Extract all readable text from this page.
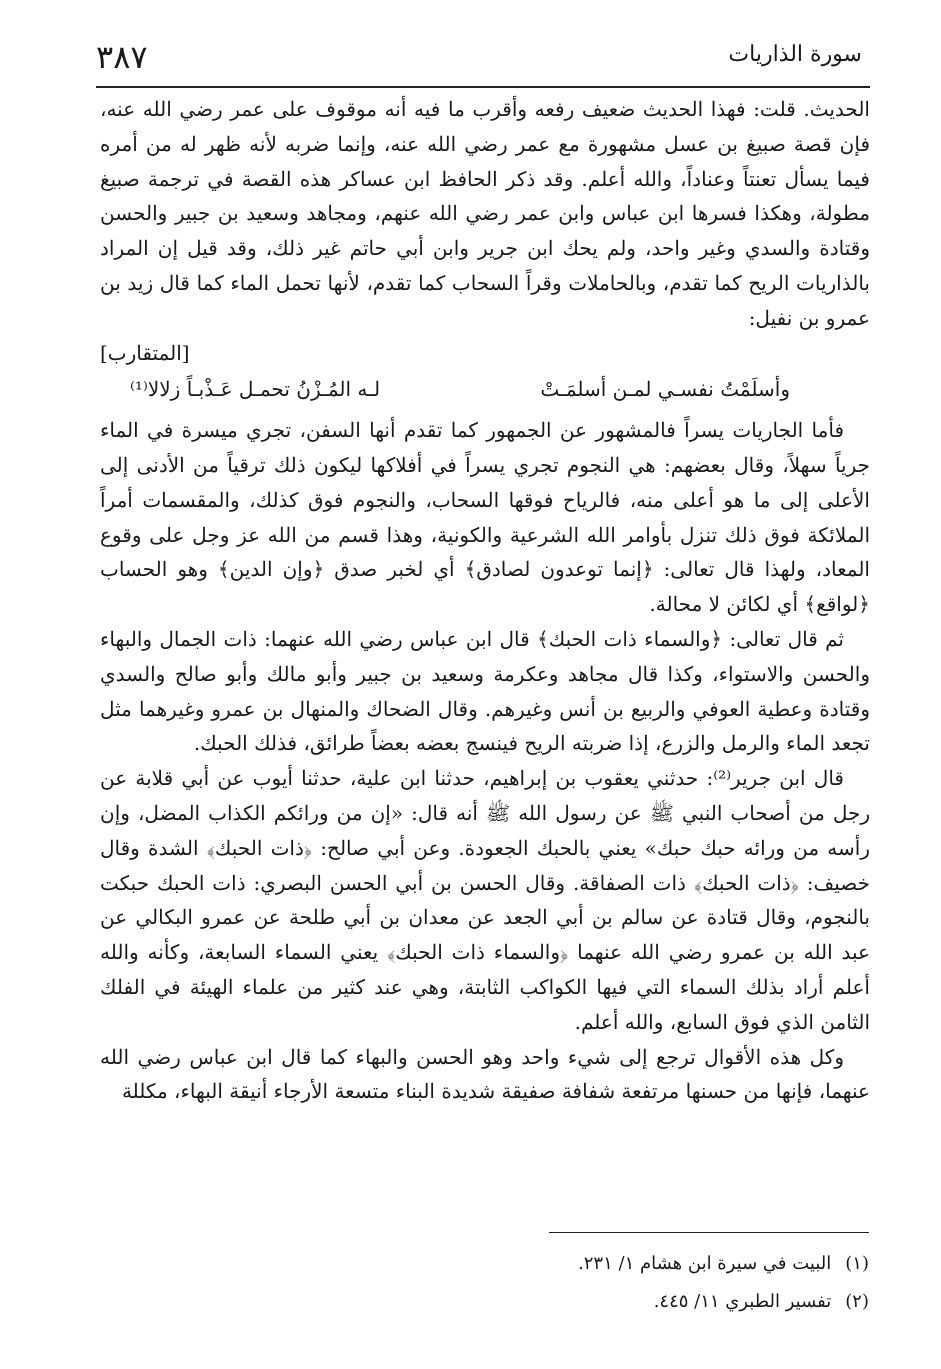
سورة الذاريات
٣٨٧

الحديث. قلت: فهذا الحديث ضعيف رفعه وأقرب ما فيه أنه موقوف على عمر رضي الله عنه، فإن قصة صبيغ بن عسل مشهورة مع عمر رضي الله عنه، وإنما ضربه لأنه ظهر له من أمره فيما يسأل تعنتاً وعناداً، والله أعلم. وقد ذكر الحافظ ابن عساكر هذه القصة في ترجمة صبيغ مطولة، وهكذا فسرها ابن عباس وابن عمر رضي الله عنهم، ومجاهد وسعيد بن جبير والحسن وقتادة والسدي وغير واحد، ولم يحك ابن جرير وابن أبي حاتم غير ذلك، وقد قيل إن المراد بالذاريات الريح كما تقدم، وبالحاملات وقراً السحاب كما تقدم، لأنها تحمل الماء كما قال زيد بن عمرو بن نفيل:

[المتقارب]
وأسلَمْتُ نفسـي لمـن أسلمَـتْ
لـه المُـزْنُ تحمـل عَـذْبـاً زلالا⁽¹⁾

فأما الجاريات يسراً فالمشهور عن الجمهور كما تقدم أنها السفن، تجري ميسرة في الماء جرياً سهلاً، وقال بعضهم: هي النجوم تجري يسراً في أفلاكها ليكون ذلك ترقياً من الأدنى إلى الأعلى إلى ما هو أعلى منه، فالرياح فوقها السحاب، والنجوم فوق كذلك، والمقسمات أمراً الملائكة فوق ذلك تنزل بأوامر الله الشرعية والكونية، وهذا قسم من الله عز وجل على وقوع المعاد، ولهذا قال تعالى: ﴿إنما توعدون لصادق﴾ أي لخبر صدق ﴿وإن الدين﴾ وهو الحساب ﴿لواقع﴾ أي لكائن لا محالة.

ثم قال تعالى: ﴿والسماء ذات الحبك﴾ قال ابن عباس رضي الله عنهما: ذات الجمال والبهاء والحسن والاستواء، وكذا قال مجاهد وعكرمة وسعيد بن جبير وأبو مالك وأبو صالح والسدي وقتادة وعطية العوفي والربيع بن أنس وغيرهم. وقال الضحاك والمنهال بن عمرو وغيرهما مثل تجعد الماء والرمل والزرع، إذا ضربته الريح فينسج بعضه بعضاً طرائق، فذلك الحبك.

قال ابن جرير⁽²⁾: حدثني يعقوب بن إبراهيم، حدثنا ابن علية، حدثنا أيوب عن أبي قلابة عن رجل من أصحاب النبي ﷺ عن رسول الله ﷺ أنه قال: «إن من ورائكم الكذاب المضل، وإن رأسه من ورائه حبك حبك» يعني بالحبك الجعودة. وعن أبي صالح: ﴿ذات الحبك﴾ الشدة وقال خصيف: ﴿ذات الحبك﴾ ذات الصفاقة. وقال الحسن بن أبي الحسن البصري: ذات الحبك حبكت بالنجوم، وقال قتادة عن سالم بن أبي الجعد عن معدان بن أبي طلحة عن عمرو البكالي عن عبد الله بن عمرو رضي الله عنهما ﴿والسماء ذات الحبك﴾ يعني السماء السابعة، وكأنه والله أعلم أراد بذلك السماء التي فيها الكواكب الثابتة، وهي عند كثير من علماء الهيئة في الفلك الثامن الذي فوق السابع، والله أعلم.

وكل هذه الأقوال ترجع إلى شيء واحد وهو الحسن والبهاء كما قال ابن عباس رضي الله عنهما، فإنها من حسنها مرتفعة شفافة صفيقة شديدة البناء متسعة الأرجاء أنيقة البهاء، مكللة

(١)
البيت في سيرة ابن هشام ١/ ٢٣١.
(٢)
تفسير الطبري ١١/ ٤٤٥.
